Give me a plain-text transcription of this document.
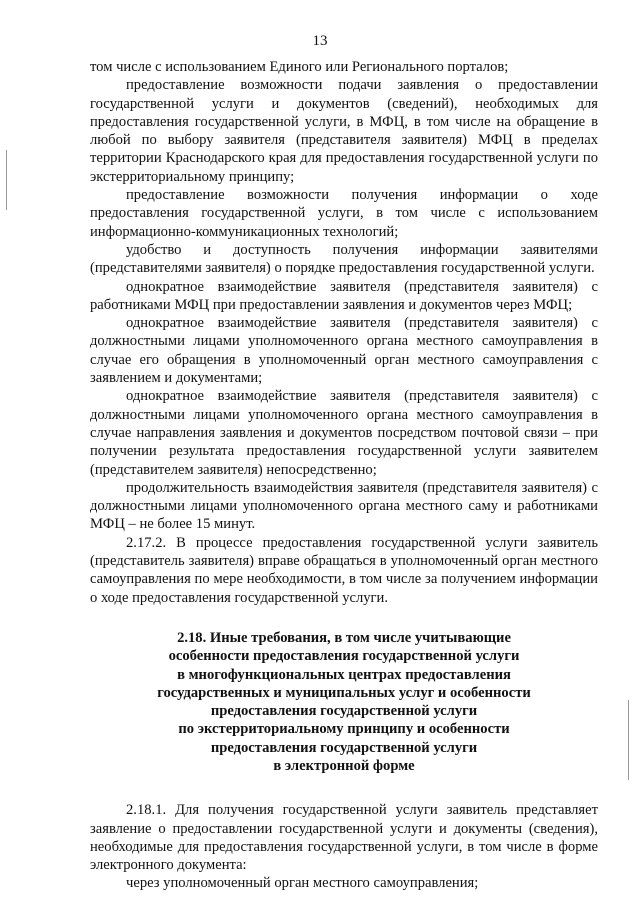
13

том числе с использованием Единого или Регионального порталов;

предоставление возможности подачи заявления о предоставлении государственной услуги и документов (сведений), необходимых для предоставления государственной услуги, в МФЦ, в том числе на обращение в любой по выбору заявителя (представителя заявителя) МФЦ в пределах территории Краснодарского края для предоставления государственной услуги по экстерриториальному принципу;

предоставление возможности получения информации о ходе предоставления государственной услуги, в том числе с использованием информационно-коммуникационных технологий;

удобство и доступность получения информации заявителями (представителями заявителя) о порядке предоставления государственной услуги.

однократное взаимодействие заявителя (представителя заявителя) с работниками МФЦ при предоставлении заявления и документов через МФЦ;

однократное взаимодействие заявителя (представителя заявителя) с должностными лицами уполномоченного органа местного самоуправления в случае его обращения в уполномоченный орган местного самоуправления с заявлением и документами;

однократное взаимодействие заявителя (представителя заявителя) с должностными лицами уполномоченного органа местного самоуправления в случае направления заявления и документов посредством почтовой связи – при получении результата предоставления государственной услуги заявителем (представителем заявителя) непосредственно;

продолжительность взаимодействия заявителя (представителя заявителя) с должностными лицами уполномоченного органа местного саму и работниками МФЦ – не более 15 минут.

2.17.2. В процессе предоставления государственной услуги заявитель (представитель заявителя) вправе обращаться в уполномоченный орган местного самоуправления по мере необходимости, в том числе за получением информации о ходе предоставления государственной услуги.

2.18. Иные требования, в том числе учитывающие
особенности предоставления государственной услуги
в многофункциональных центрах предоставления
государственных и муниципальных услуг и особенности
предоставления государственной услуги
по экстерриториальному принципу и особенности
предоставления государственной услуги
в электронной форме

2.18.1. Для получения государственной услуги заявитель представляет заявление о предоставлении государственной услуги и документы (сведения), необходимые для предоставления государственной услуги, в том числе в форме электронного документа:

через уполномоченный орган местного самоуправления;
